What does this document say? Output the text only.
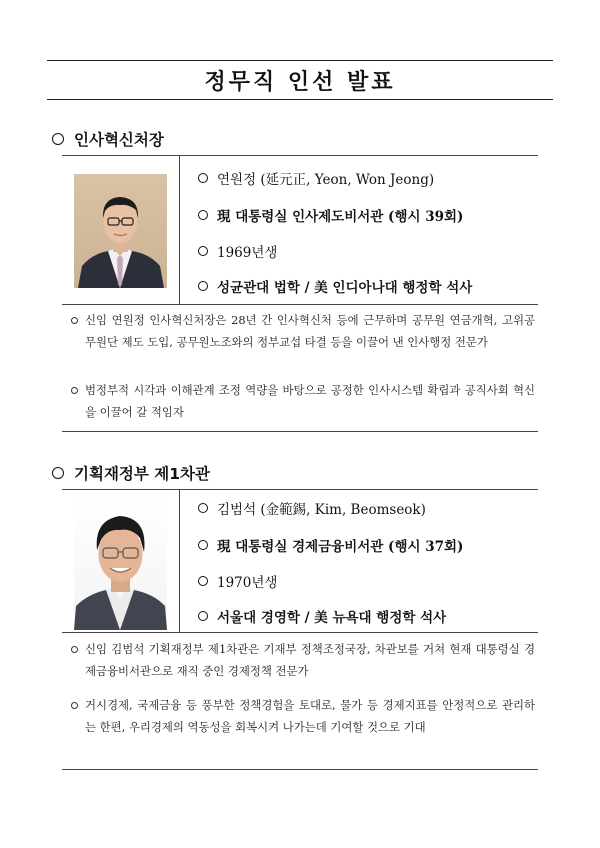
정무직 인선 발표
인사혁신처장
연원정 (延元正, Yeon, Won Jeong)
現 대통령실 인사제도비서관 (행시 39회)
1969년생
성균관대 법학 / 美 인디아나대 행정학 석사
신임 연원정 인사혁신처장은 28년 간 인사혁신처 등에 근무하며 공무원 연금개혁, 고위공무원단 제도 도입, 공무원노조와의 정부교섭 타결 등을 이끌어 낸 인사행정 전문가
범정부적 시각과 이해관계 조정 역량을 바탕으로 공정한 인사시스템 확립과 공직사회 혁신을 이끌어 갈 적임자
기획재정부 제1차관
김범석 (金範錫, Kim, Beomseok)
現 대통령실 경제금융비서관 (행시 37회)
1970년생
서울대 경영학 / 美 뉴욕대 행정학 석사
신임 김범석 기획재정부 제1차관은 기재부 정책조정국장, 차관보를 거쳐 현재 대통령실 경제금융비서관으로 재직 중인 경제정책 전문가
거시경제, 국제금융 등 풍부한 정책경험을 토대로, 물가 등 경제지표를 안정적으로 관리하는 한편, 우리경제의 역동성을 회복시켜 나가는데 기여할 것으로 기대
